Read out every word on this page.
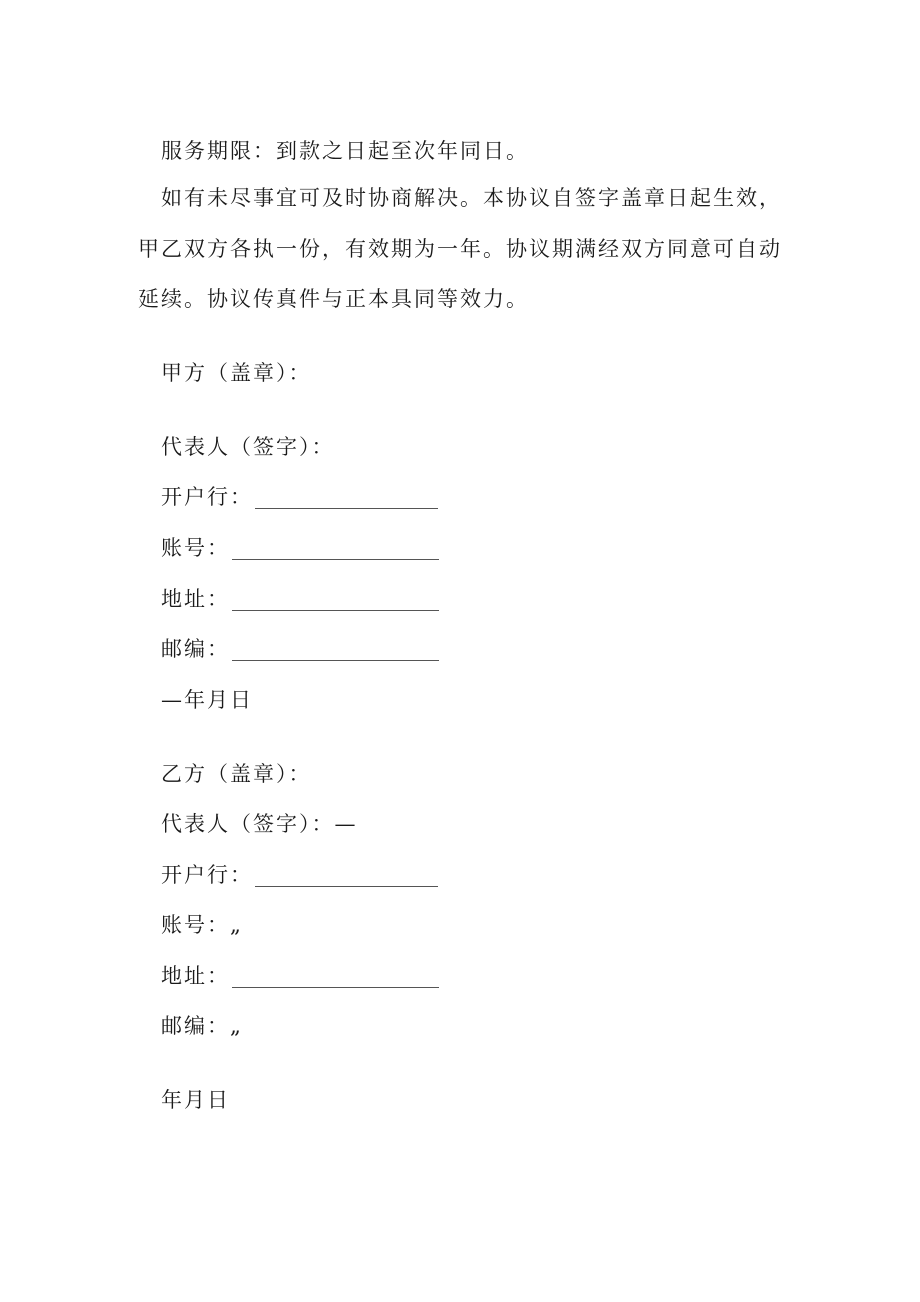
服务期限：到款之日起至次年同日。
如有未尽事宜可及时协商解决。本协议自签字盖章日起生效，
甲乙双方各执一份，有效期为一年。协议期满经双方同意可自动
延续。协议传真件与正本具同等效力。
甲方（盖章）：
代表人（签字）：
开户行：
账号：
地址：
邮编：
—年月日
乙方（盖章）：
代表人（签字）：—
开户行：
账号：„
地址：
邮编：„
年月日
